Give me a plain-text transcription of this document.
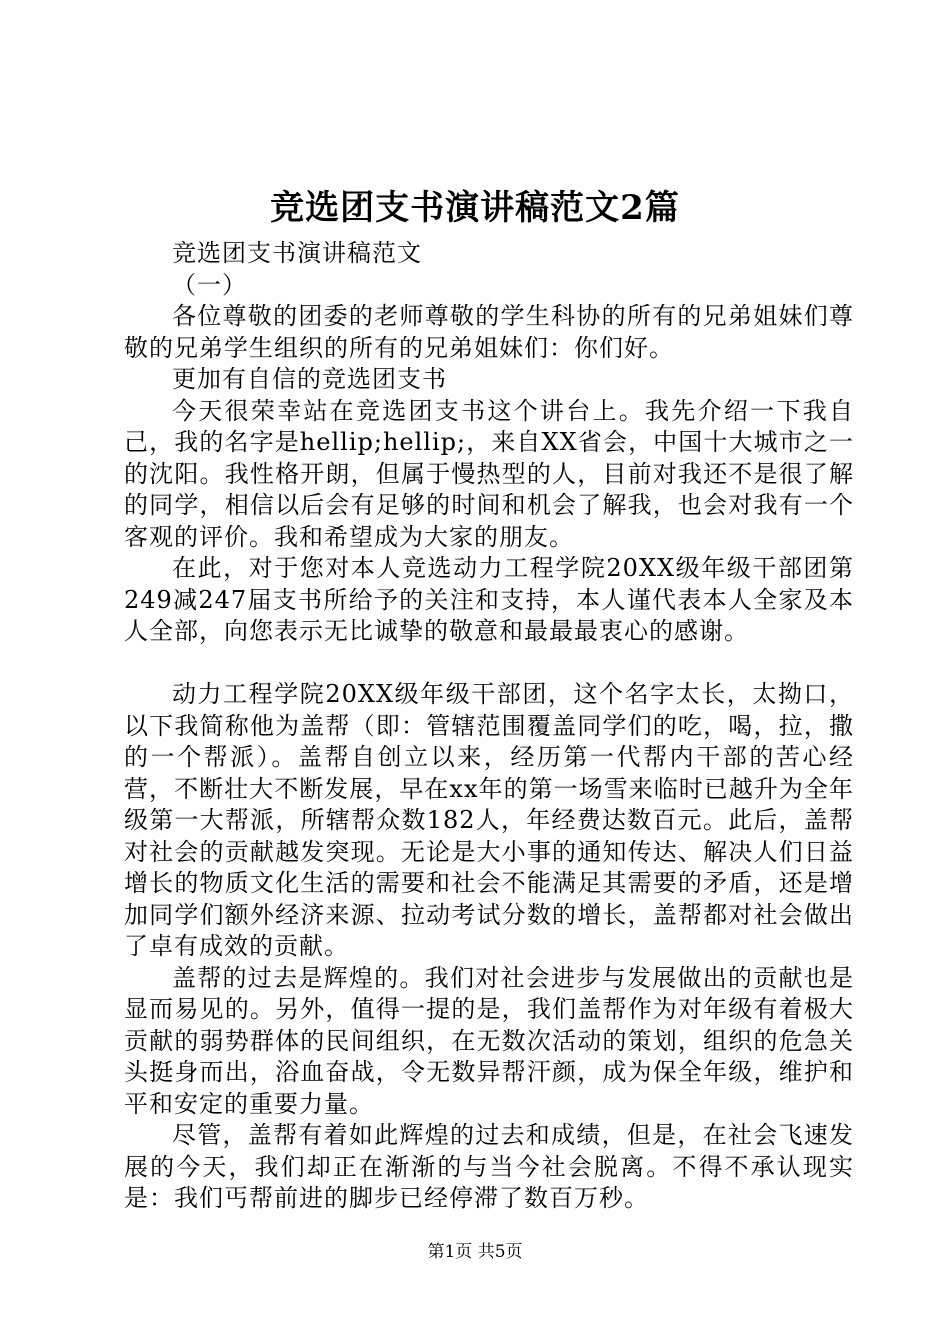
竞选团支书演讲稿范文2篇

竞选团支书演讲稿范文

（一）

各位尊敬的团委的老师尊敬的学生科协的所有的兄弟姐妹们尊敬的兄弟学生组织的所有的兄弟姐妹们：你们好。

更加有自信的竞选团支书

今天很荣幸站在竞选团支书这个讲台上。我先介绍一下我自己，我的名字是hellip;hellip;，来自XX省会，中国十大城市之一的沈阳。我性格开朗，但属于慢热型的人，目前对我还不是很了解的同学，相信以后会有足够的时间和机会了解我，也会对我有一个客观的评价。我和希望成为大家的朋友。

在此，对于您对本人竞选动力工程学院20XX级年级干部团第249减247届支书所给予的关注和支持，本人谨代表本人全家及本人全部，向您表示无比诚挚的敬意和最最最衷心的感谢。

动力工程学院20XX级年级干部团，这个名字太长，太拗口，以下我简称他为盖帮（即：管辖范围覆盖同学们的吃，喝，拉，撒的一个帮派）。盖帮自创立以来，经历第一代帮内干部的苦心经营，不断壮大不断发展，早在xx年的第一场雪来临时已越升为全年级第一大帮派，所辖帮众数182人，年经费达数百元。此后，盖帮对社会的贡献越发突现。无论是大小事的通知传达、解决人们日益增长的物质文化生活的需要和社会不能满足其需要的矛盾，还是增加同学们额外经济来源、拉动考试分数的增长，盖帮都对社会做出了卓有成效的贡献。

盖帮的过去是辉煌的。我们对社会进步与发展做出的贡献也是显而易见的。另外，值得一提的是，我们盖帮作为对年级有着极大贡献的弱势群体的民间组织，在无数次活动的策划，组织的危急关头挺身而出，浴血奋战，令无数异帮汗颜，成为保全年级，维护和平和安定的重要力量。

尽管，盖帮有着如此辉煌的过去和成绩，但是，在社会飞速发展的今天，我们却正在渐渐的与当今社会脱离。不得不承认现实是：我们丐帮前进的脚步已经停滞了数百万秒。

第1页 共5页
